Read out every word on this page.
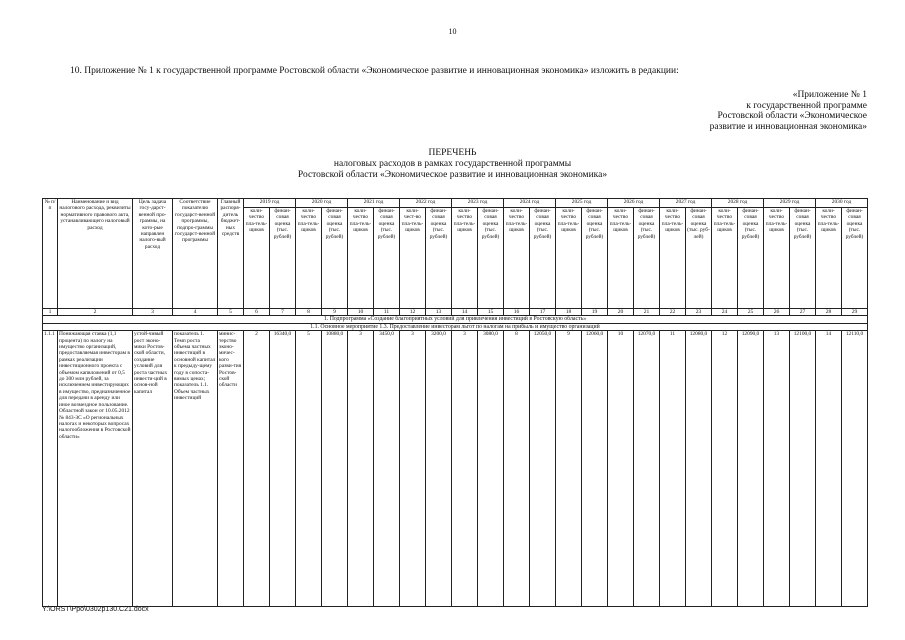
10
10. Приложение № 1 к государственной программе Ростовской области «Экономическое развитие и инновационная экономика» изложить в редакции:
«Приложение № 1
к государственной программе
Ростовской области «Экономическое
развитие и инновационная экономика»
ПЕРЕЧЕНЬ
налоговых расходов в рамках государственной программы
Ростовской области «Экономическое развитие и инновационная экономика»
№ п/п	Наименование и вид налогового расхода, реквизиты нормативного правового акта, устанавливающего налоговый расход	Цель задача госу-дарст-венной про-граммы, на кото-рые направлен налого-вый расход	Соответствие показателю государст-венной программы, подпро-граммы государст-венной программы	Главный распоря-дитель бюджет-ных средств	2019 год		2020 год		2021 год		2022 год		2023 год		2024 год		2025 год		2026 год		2027 год		2028 год		2029 год		2030 год	
					коли-чество пла-тель-щиков	финан-совая оценка (тыс. рублей)	коли-чество пла-тель-щиков	финан-совая оценка (тыс. рублей)	коли-чество пла-тель-щиков	финан-совая оценка (тыс. рублей)	коли-чест-во пла-тель-щиков	финан-совая оценка (тыс. рублей)	коли-чество пла-тель-щиков	финан-совая оценка (тыс. рублей)	коли-чество пла-тель-щиков	финан-совая оценка (тыс. рублей)	коли-чество пла-тель-щиков	финан-совая оценка (тыс. рублей)	коли-чество пла-тель-щиков	финан-совая оценка (тыс. рублей)	коли-чество пла-тель-щиков	финан-совая оценка (тыс. руб-лей)	коли-чество пла-тель-щиков	финан-совая оценка (тыс. рублей)	коли-чество пла-тель-щиков	финан-совая оценка (тыс. рублей)	коли-чество пла-тель-щиков	финан-совая оценка (тыс. рублей)
1	2	3	4	5	6	7	8	9	10	11	12	13	14	15	16	17	18	19	20	21	22	23	24	25	26	27	28	29
1. Подпрограмма «Создание благоприятных условий для привлечения инвестиций в Ростовскую область»																												
1.1. Основное мероприятие 1.3. Предоставление инвесторам льгот по налогам на прибыль и имущество организаций																												
1.1.1	Понижающая ставка (1,1 процента) по налогу на имущество организаций, предоставляемая инвесторам в рамках реализации инвестиционного проекта с объемом капвложений от 0,5 до 300 млн рублей, за исключением инвестирующих в имущество, предназначенное для передачи в аренду или иное возмездное пользование. Областной закон от 10.05.2012 № 843-ЗС «О региональных налогах и некоторых вопросах налогообложения в Ростовской области»	устой-чивый рост эконо-мики Ростов-ской области, создание условий для роста частных инвести-ций в основ-ной капитал	показатель 1. Темп роста объема частных инвестиций в основной капитал к предыду-щему году в сопоста-вимых ценах; показатель 1.1. Объем частных инвестиций	минис-терство эконо-мичес-кого разви-тия Ростов-ской области	2	16340,0	5	10880,0	3	3450,0	3	3200,0	3	3080,0	8	12050,0	9	12060,0	10	12070,0	11	12080,0	12	12090,0	13	12100,0	14	12110,0
Y:\ORST\Ppo\0302p130.C21.docx
